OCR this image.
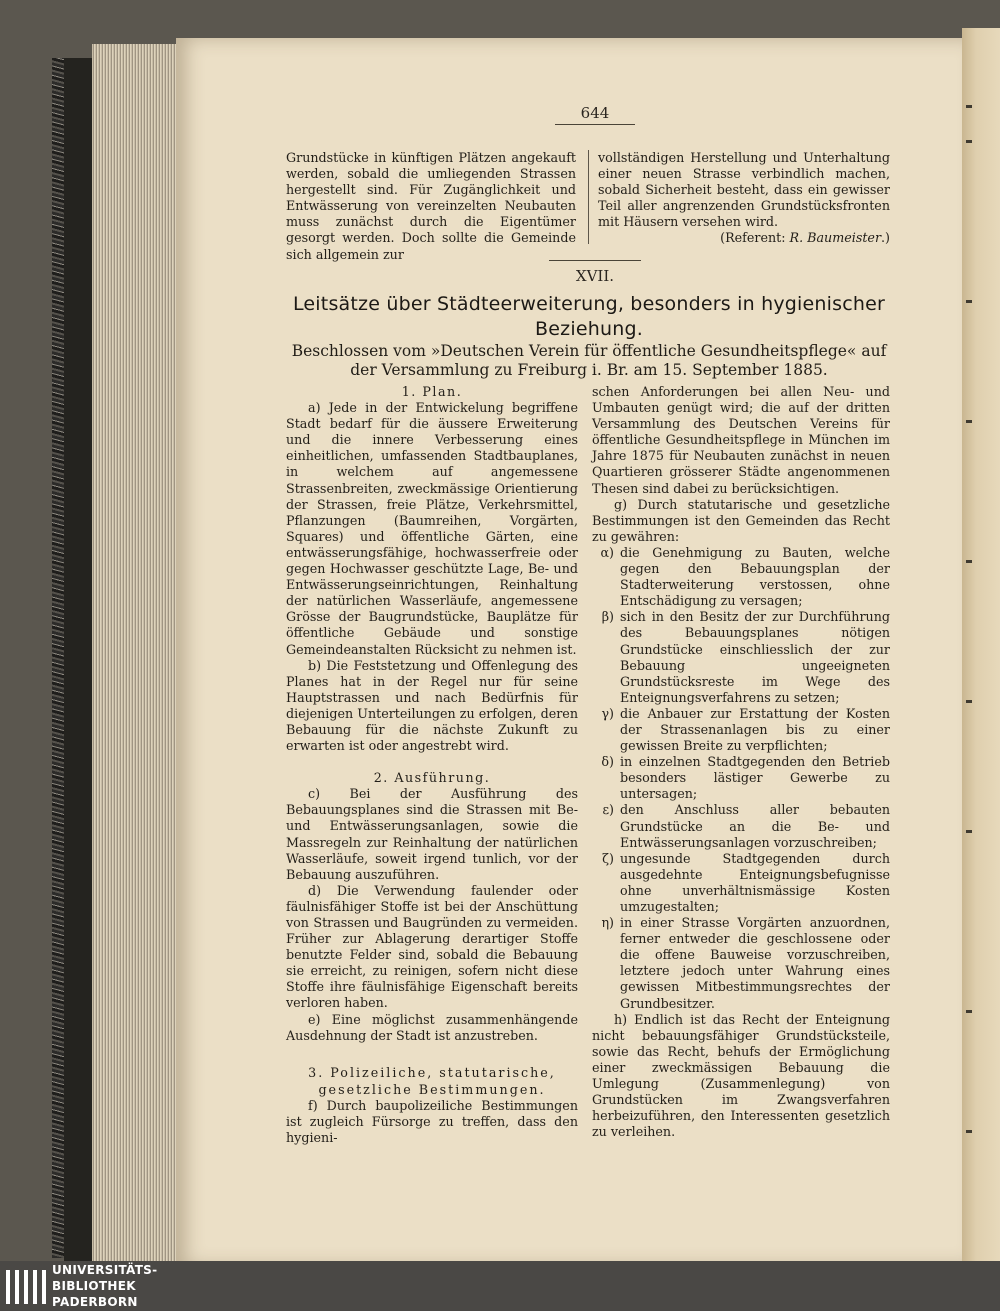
644

Grundstücke in künftigen Plätzen angekauft werden, sobald die umliegenden Strassen hergestellt sind. Für Zugänglichkeit und Entwässerung von vereinzelten Neubauten muss zunächst durch die Eigentümer gesorgt werden. Doch sollte die Gemeinde sich allgemein zur

vollständigen Herstellung und Unterhaltung einer neuen Strasse verbindlich machen, sobald Sicherheit besteht, dass ein gewisser Teil aller angrenzenden Grundstücksfronten mit Häusern versehen wird.

(Referent: R. Baumeister.)

XVII.
Leitsätze über Städteerweiterung, besonders in hygienischer Beziehung.
Beschlossen vom »Deutschen Verein für öffentliche Gesundheitspflege« auf der Versammlung zu Freiburg i. Br. am 15. September 1885.

1. Plan.

a) Jede in der Entwickelung begriffene Stadt bedarf für die äussere Erweiterung und die innere Verbesserung eines einheitlichen, umfassenden Stadtbauplanes, in welchem auf angemessene Strassenbreiten, zweckmässige Orientierung der Strassen, freie Plätze, Verkehrsmittel, Pflanzungen (Baumreihen, Vorgärten, Squares) und öffentliche Gärten, eine entwässerungsfähige, hochwasserfreie oder gegen Hochwasser geschützte Lage, Be- und Entwässerungseinrichtungen, Reinhaltung der natürlichen Wasserläufe, angemessene Grösse der Baugrundstücke, Bauplätze für öffentliche Gebäude und sonstige Gemeindeanstalten Rücksicht zu nehmen ist.

b) Die Feststetzung und Offenlegung des Planes hat in der Regel nur für seine Hauptstrassen und nach Bedürfnis für diejenigen Unterteilungen zu erfolgen, deren Bebauung für die nächste Zukunft zu erwarten ist oder angestrebt wird.

2. Ausführung.

c) Bei der Ausführung des Bebauungsplanes sind die Strassen mit Be- und Entwässerungsanlagen, sowie die Massregeln zur Reinhaltung der natürlichen Wasserläufe, soweit irgend tunlich, vor der Bebauung auszuführen.

d) Die Verwendung faulender oder fäulnisfähiger Stoffe ist bei der Anschüttung von Strassen und Baugründen zu vermeiden. Früher zur Ablagerung derartiger Stoffe benutzte Felder sind, sobald die Bebauung sie erreicht, zu reinigen, sofern nicht diese Stoffe ihre fäulnisfähige Eigenschaft bereits verloren haben.

e) Eine möglichst zusammenhängende Ausdehnung der Stadt ist anzustreben.

3. Polizeiliche, statutarische, gesetzliche Bestimmungen.

f) Durch baupolizeiliche Bestimmungen ist zugleich Fürsorge zu treffen, dass den hygieni-

schen Anforderungen bei allen Neu- und Umbauten genügt wird; die auf der dritten Versammlung des Deutschen Vereins für öffentliche Gesundheitspflege in München im Jahre 1875 für Neubauten zunächst in neuen Quartieren grösserer Städte angenommenen Thesen sind dabei zu berücksichtigen.

g) Durch statutarische und gesetzliche Bestimmungen ist den Gemeinden das Recht zu gewähren:

α) die Genehmigung zu Bauten, welche gegen den Bebauungsplan der Stadterweiterung verstossen, ohne Entschädigung zu versagen;
β) sich in den Besitz der zur Durchführung des Bebauungsplanes nötigen Grundstücke einschliesslich der zur Bebauung ungeeigneten Grundstücksreste im Wege des Enteignungsverfahrens zu setzen;
γ) die Anbauer zur Erstattung der Kosten der Strassenanlagen bis zu einer gewissen Breite zu verpflichten;
δ) in einzelnen Stadtgegenden den Betrieb besonders lästiger Gewerbe zu untersagen;
ε) den Anschluss aller bebauten Grundstücke an die Be- und Entwässerungsanlagen vorzuschreiben;
ζ) ungesunde Stadtgegenden durch ausgedehnte Enteignungsbefugnisse ohne unverhältnismässige Kosten umzugestalten;
η) in einer Strasse Vorgärten anzuordnen, ferner entweder die geschlossene oder die offene Bauweise vorzuschreiben, letztere jedoch unter Wahrung eines gewissen Mitbestimmungsrechtes der Grundbesitzer.

h) Endlich ist das Recht der Enteignung nicht bebauungsfähiger Grundstücksteile, sowie das Recht, behufs der Ermöglichung einer zweckmässigen Bebauung die Umlegung (Zusammenlegung) von Grundstücken im Zwangsverfahren herbeizuführen, den Interessenten gesetzlich zu verleihen.

UNIVERSITÄTS-
BIBLIOTHEK
PADERBORN
